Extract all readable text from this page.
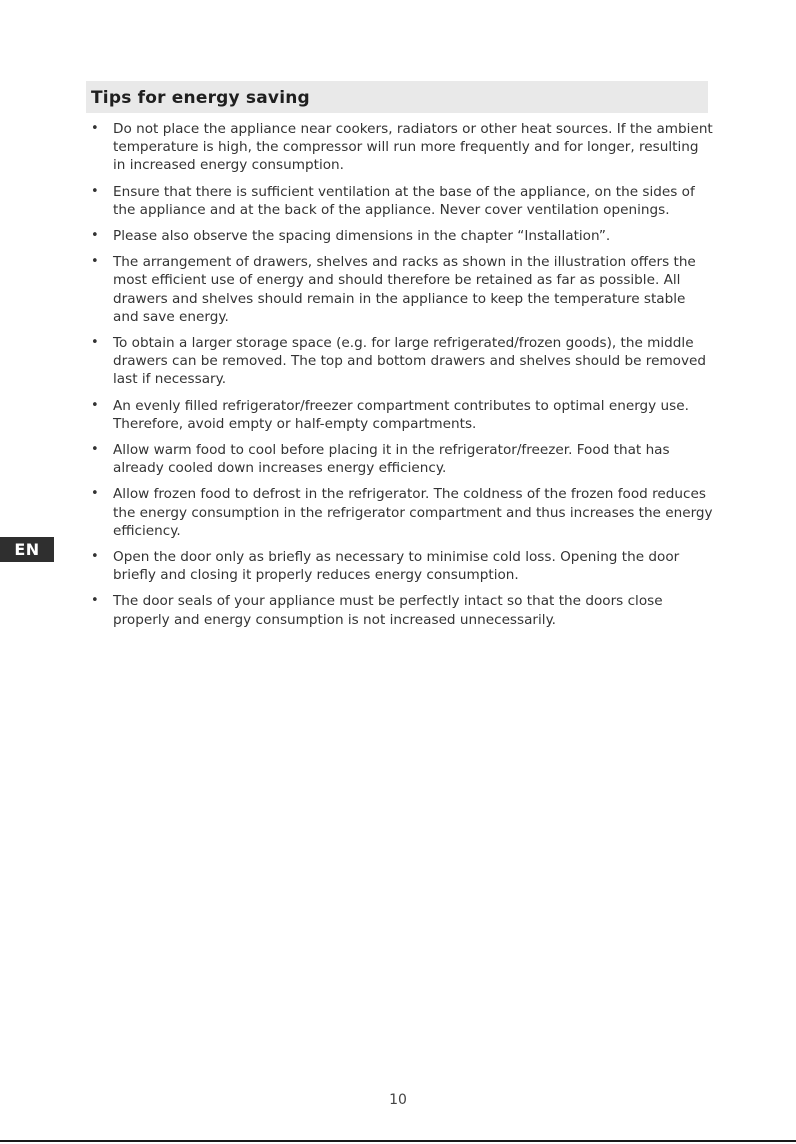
Tips for energy saving
• Do not place the appliance near cookers, radiators or other heat sources. If the ambient temperature is high, the compressor will run more frequently and for longer, resulting in increased energy consumption.
• Ensure that there is sufficient ventilation at the base of the appliance, on the sides of the appliance and at the back of the appliance. Never cover ventilation openings.
• Please also observe the spacing dimensions in the chapter “Installation”.
• The arrangement of drawers, shelves and racks as shown in the illustration offers the most efficient use of energy and should therefore be retained as far as possible. All drawers and shelves should remain in the appliance to keep the temperature stable and save energy.
• To obtain a larger storage space (e.g. for large refrigerated/frozen goods), the middle drawers can be removed. The top and bottom drawers and shelves should be removed last if necessary.
• An evenly filled refrigerator/freezer compartment contributes to optimal energy use. Therefore, avoid empty or half-empty compartments.
• Allow warm food to cool before placing it in the refrigerator/freezer. Food that has already cooled down increases energy efficiency.
• Allow frozen food to defrost in the refrigerator. The coldness of the frozen food reduces the energy consumption in the refrigerator compartment and thus increases the energy efficiency.
• Open the door only as briefly as necessary to minimise cold loss. Opening the door briefly and closing it properly reduces energy consumption.
• The door seals of your appliance must be perfectly intact so that the doors close properly and energy consumption is not increased unnecessarily.
EN
10
